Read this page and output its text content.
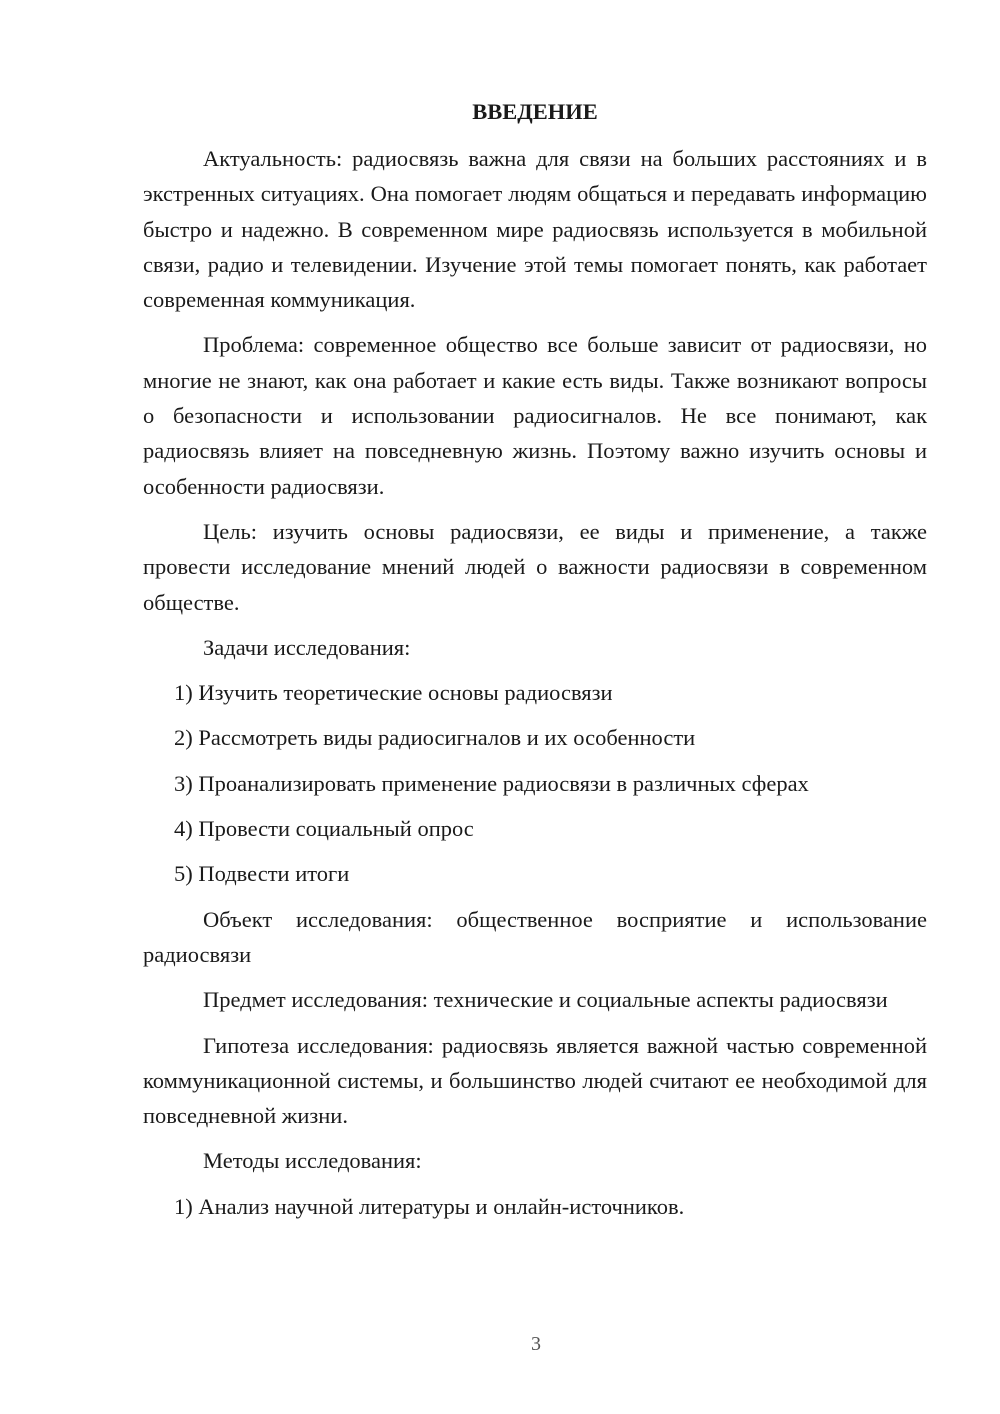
ВВЕДЕНИЕ

Актуальность: радиосвязь важна для связи на больших расстояниях и в экстренных ситуациях. Она помогает людям общаться и передавать информацию быстро и надежно. В современном мире радиосвязь используется в мобильной связи, радио и телевидении. Изучение этой темы помогает понять, как работает современная коммуникация.

Проблема: современное общество все больше зависит от радиосвязи, но многие не знают, как она работает и какие есть виды. Также возникают вопросы о безопасности и использовании радиосигналов. Не все понимают, как радиосвязь влияет на повседневную жизнь. Поэтому важно изучить основы и особенности радиосвязи.

Цель: изучить основы радиосвязи, ее виды и применение, а также провести исследование мнений людей о важности радиосвязи в современном обществе.

Задачи исследования:
1) Изучить теоретические основы радиосвязи
2) Рассмотреть виды радиосигналов и их особенности
3) Проанализировать применение радиосвязи в различных сферах
4) Провести социальный опрос
5) Подвести итоги

Объект исследования: общественное восприятие и использование радиосвязи

Предмет исследования: технические и социальные аспекты радиосвязи

Гипотеза исследования: радиосвязь является важной частью современной коммуникационной системы, и большинство людей считают ее необходимой для повседневной жизни.

Методы исследования:
1) Анализ научной литературы и онлайн-источников.
3
